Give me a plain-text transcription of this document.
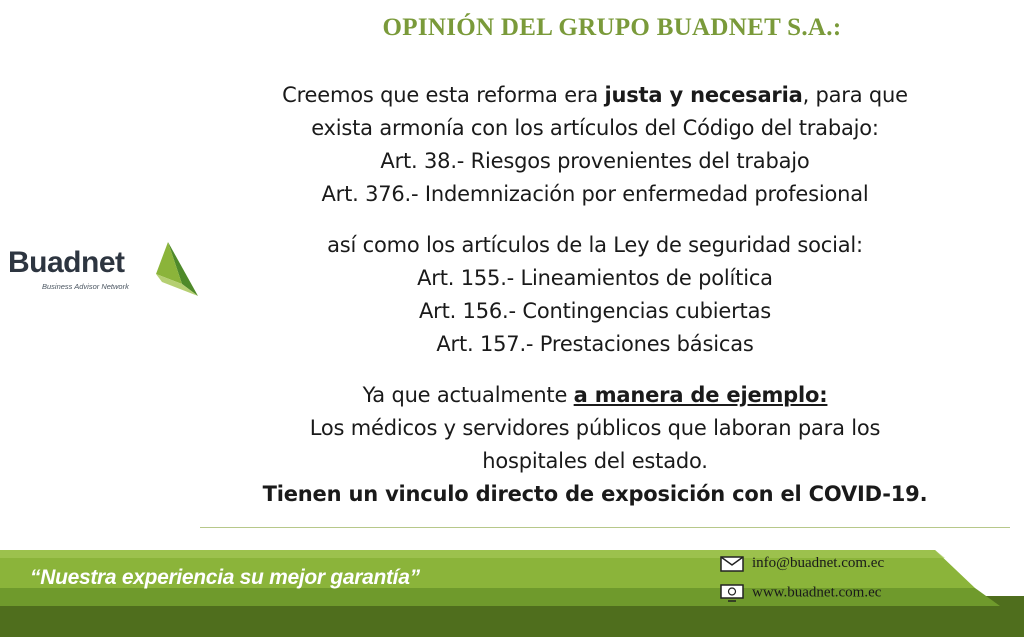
OPINIÓN DEL GRUPO BUADNET S.A.:
Buadnet
Business Advisor Network

Creemos que esta reforma era justa y necesaria, para que
exista armonía con los artículos del Código del trabajo:
Art. 38.- Riesgos provenientes del trabajo
Art. 376.- Indemnización por enfermedad profesional

así como los artículos de la Ley de seguridad social:
Art. 155.- Lineamientos de política
Art. 156.- Contingencias cubiertas
Art. 157.- Prestaciones básicas

Ya que actualmente a manera de ejemplo:
Los médicos y servidores públicos que laboran para los
hospitales del estado.
Tienen un vinculo directo de exposición con el COVID-19.

“Nuestra experiencia su mejor garantía”
info@buadnet.com.ec
www.buadnet.com.ec
